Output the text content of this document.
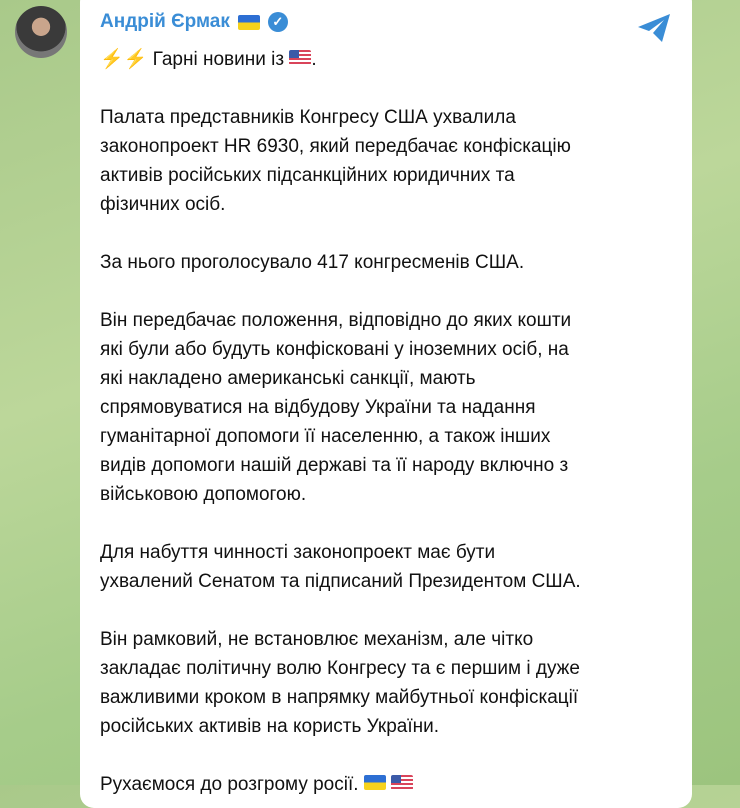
Андрій Єрмак	✓
⚡⚡ Гарні новини із .
Палата представників Конгресу США ухвалила
законопроект HR 6930, який передбачає конфіскацію
активів російських підсанкційних юридичних та
фізичних осіб.
За нього проголосувало 417 конгресменів США.
Він передбачає положення, відповідно до яких кошти
які були або будуть конфісковані у іноземних осіб, на
які накладено американські санкції, мають
спрямовуватися на відбудову України та надання
гуманітарної допомоги її населенню, а також інших
видів допомоги нашій державі та її народу включно з
військовою допомогою.
Для набуття чинності законопроект має бути
ухвалений Сенатом та підписаний Президентом США.
Він рамковий, не встановлює механізм, але чітко
закладає політичну волю Конгресу та є першим і дуже
важливими кроком в напрямку майбутньої конфіскації
російських активів на користь України.
Рухаємося до розгрому росії.
